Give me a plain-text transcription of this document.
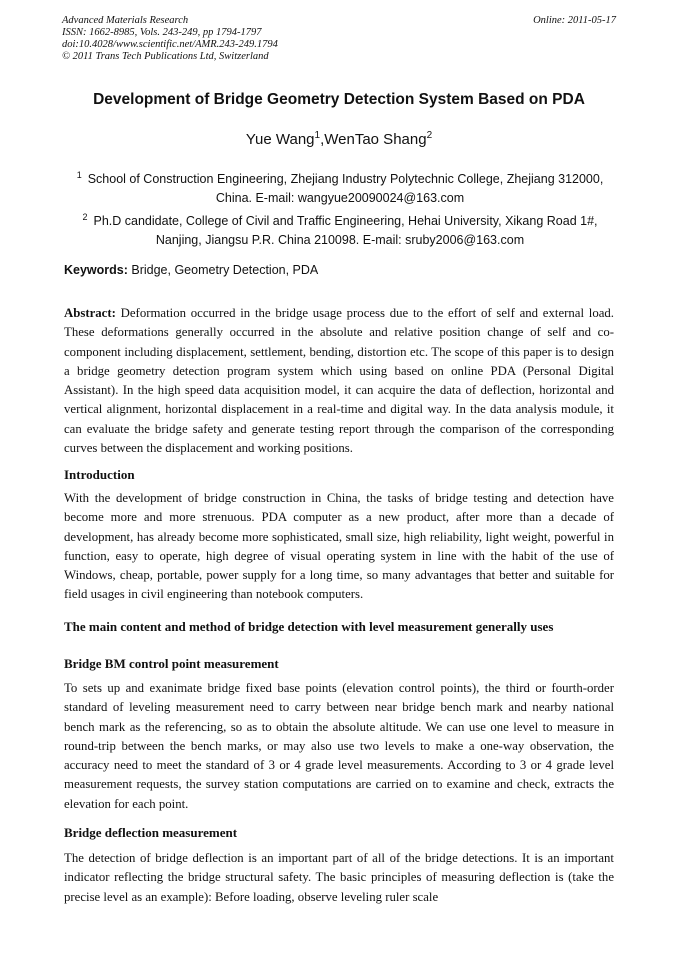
Advanced Materials Research
ISSN: 1662-8985, Vols. 243-249, pp 1794-1797
doi:10.4028/www.scientific.net/AMR.243-249.1794
© 2011 Trans Tech Publications Ltd, Switzerland
Online: 2011-05-17
Development of Bridge Geometry Detection System Based on PDA
Yue Wang$^1$,WenTao Shang$^2$
$^1$ School of Construction Engineering, Zhejiang Industry Polytechnic College, Zhejiang 312000, China. E-mail: wangyue20090024@163.com
$^2$ Ph.D candidate, College of Civil and Traffic Engineering, Hehai University, Xikang Road 1#, Nanjing, Jiangsu P.R. China 210098. E-mail: sruby2006@163.com
Keywords: Bridge, Geometry Detection, PDA
Abstract: Deformation occurred in the bridge usage process due to the effort of self and external load. These deformations generally occurred in the absolute and relative position change of self and co-component including displacement, settlement, bending, distortion etc. The scope of this paper is to design a bridge geometry detection program system which using based on online PDA (Personal Digital Assistant). In the high speed data acquisition model, it can acquire the data of deflection, horizontal and vertical alignment, horizontal displacement in a real-time and digital way. In the data analysis module, it can evaluate the bridge safety and generate testing report through the comparison of the corresponding curves between the displacement and working positions.
Introduction
With the development of bridge construction in China, the tasks of bridge testing and detection have become more and more strenuous. PDA computer as a new product, after more than a decade of development, has already become more sophisticated, small size, high reliability, light weight, powerful in function, easy to operate, high degree of visual operating system in line with the habit of the use of Windows, cheap, portable, power supply for a long time, so many advantages that better and suitable for field usages in civil engineering than notebook computers.
The main content and method of bridge detection with level measurement generally uses
Bridge BM control point measurement
To sets up and exanimate bridge fixed base points (elevation control points), the third or fourth-order standard of leveling measurement need to carry between near bridge bench mark and nearby national bench mark as the referencing, so as to obtain the absolute altitude. We can use one level to measure in round-trip between the bench marks, or may also use two levels to make a one-way observation, the accuracy need to meet the standard of 3 or 4 grade level measurements. According to 3 or 4 grade level measurement requests, the survey station computations are carried on to examine and check, extracts the elevation for each point.
Bridge deflection measurement
The detection of bridge deflection is an important part of all of the bridge detections. It is an important indicator reflecting the bridge structural safety. The basic principles of measuring deflection is (take the precise level as an example): Before loading, observe leveling ruler scale
